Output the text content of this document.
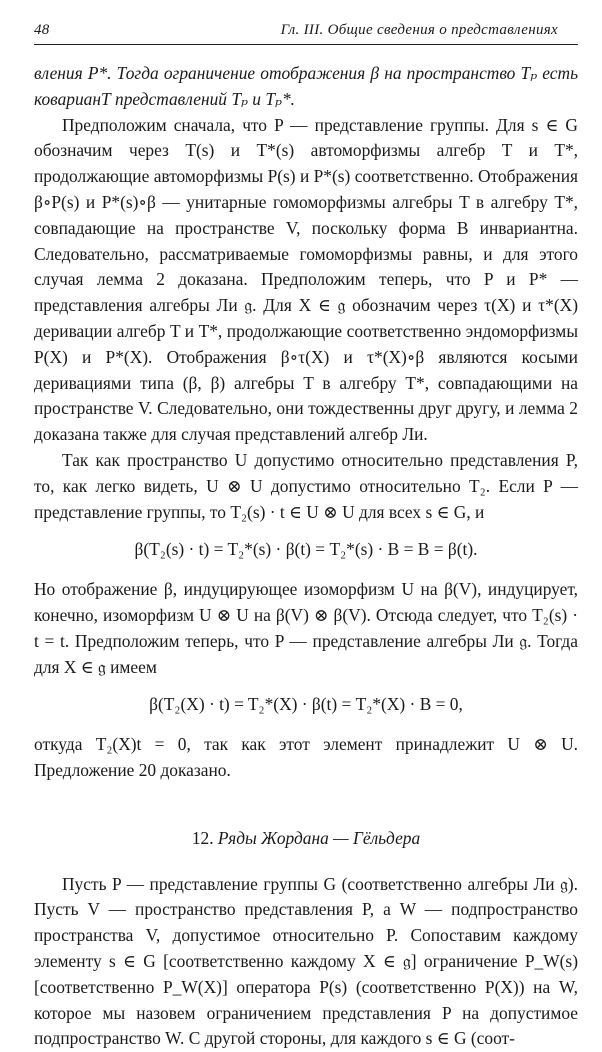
48	Гл. III. Общие сведения о представлениях

вления P*. Тогда ограничение отображения β на пространство Tₚ есть коварианТ представлений Tₚ и Tₚ*.

Предположим сначала, что P — представление группы. Для s ∈ G обозначим через T(s) и T*(s) автоморфизмы алгебр T и T*, продолжающие автоморфизмы P(s) и P*(s) соответственно. Отображения β∘P(s) и P*(s)∘β — унитарные гомоморфизмы алгебры T в алгебру T*, совпадающие на пространстве V, поскольку форма B инвариантна. Следовательно, рассматриваемые гомоморфизмы равны, и для этого случая лемма 2 доказана. Предположим теперь, что P и P* — представления алгебры Ли 𝔤. Для X ∈ 𝔤 обозначим через τ(X) и τ*(X) деривации алгебр T и T*, продолжающие соответственно эндоморфизмы P(X) и P*(X). Отображения β∘τ(X) и τ*(X)∘β являются косыми деривациями типа (β, β) алгебры T в алгебру T*, совпадающими на пространстве V. Следовательно, они тождественны друг другу, и лемма 2 доказана также для случая представлений алгебр Ли.

Так как пространство U допустимо относительно представления P, то, как легко видеть, U ⊗ U допустимо относительно T₂. Если P — представление группы, то T₂(s) · t ∈ U ⊗ U для всех s ∈ G, и

β(T₂(s) · t) = T₂*(s) · β(t) = T₂*(s) · B = B = β(t).

Но отображение β, индуцирующее изоморфизм U на β(V), индуцирует, конечно, изоморфизм U ⊗ U на β(V) ⊗ β(V). Отсюда следует, что T₂(s) · t = t. Предположим теперь, что P — представление алгебры Ли 𝔤. Тогда для X ∈ 𝔤 имеем

β(T₂(X) · t) = T₂*(X) · β(t) = T₂*(X) · B = 0,

откуда T₂(X)t = 0, так как этот элемент принадлежит U ⊗ U. Предложение 20 доказано.

12. Ряды Жордана — Гёльдера

Пусть P — представление группы G (соответственно алгебры Ли 𝔤). Пусть V — пространство представления P, а W — подпространство пространства V, допустимое относительно P. Сопоставим каждому элементу s ∈ G [соответственно каждому X ∈ 𝔤] ограничение P_W(s) [соответственно P_W(X)] оператора P(s) (соответственно P(X)) на W, которое мы назовем ограничением представления P на допустимое подпространство W. С другой стороны, для каждого s ∈ G (соот-
